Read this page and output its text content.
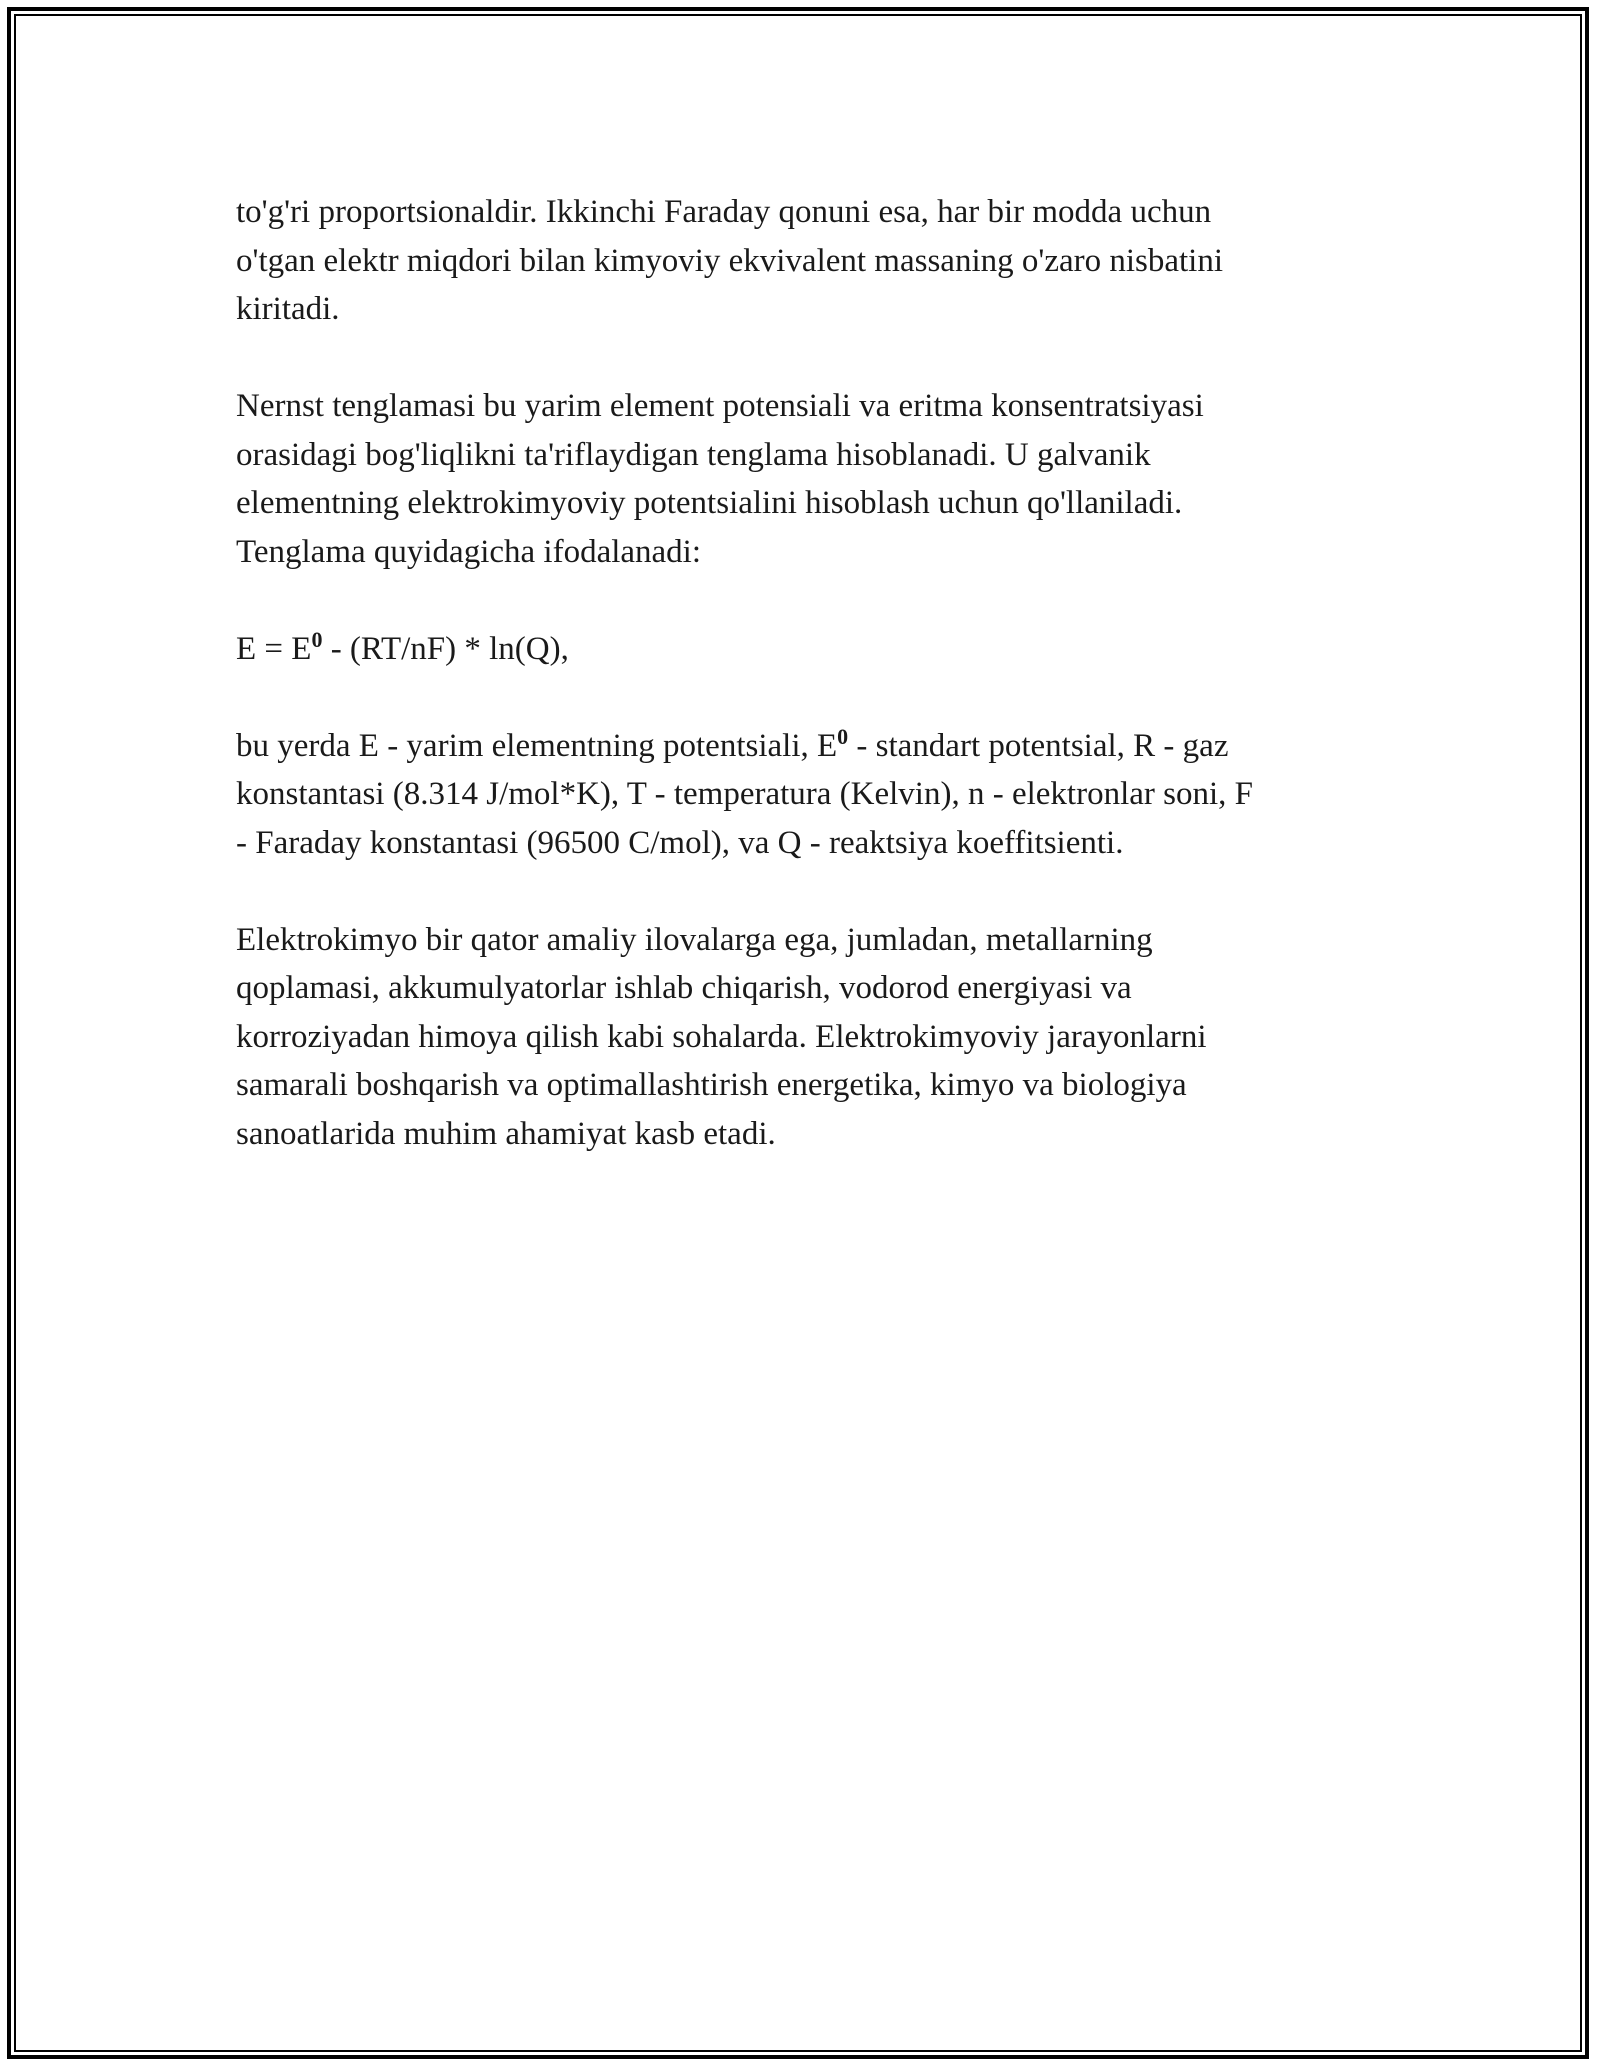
to'g'ri proportsionaldir. Ikkinchi Faraday qonuni esa, har bir modda uchun
o'tgan elektr miqdori bilan kimyoviy ekvivalent massaning o'zaro nisbatini
kiritadi.

Nernst tenglamasi bu yarim element potensiali va eritma konsentratsiyasi
orasidagi bog'liqlikni ta'riflaydigan tenglama hisoblanadi. U galvanik
elementning elektrokimyoviy potentsialini hisoblash uchun qo'llaniladi.
Tenglama quyidagicha ifodalanadi:

$E = E^0 - (RT/nF) * \ln(Q)$,

bu yerda E - yarim elementning potentsiali, $E^0$ - standart potentsial, R - gaz
konstantasi (8.314 J/mol*K), T - temperatura (Kelvin), n - elektronlar soni, F
- Faraday konstantasi (96500 C/mol), va Q - reaktsiya koeffitsienti.

Elektrokimyo bir qator amaliy ilovalarga ega, jumladan, metallarning
qoplamasi, akkumulyatorlar ishlab chiqarish, vodorod energiyasi va
korroziyadan himoya qilish kabi sohalarda. Elektrokimyoviy jarayonlarni
samarali boshqarish va optimallashtirish energetika, kimyo va biologiya
sanoatlarida muhim ahamiyat kasb etadi.
